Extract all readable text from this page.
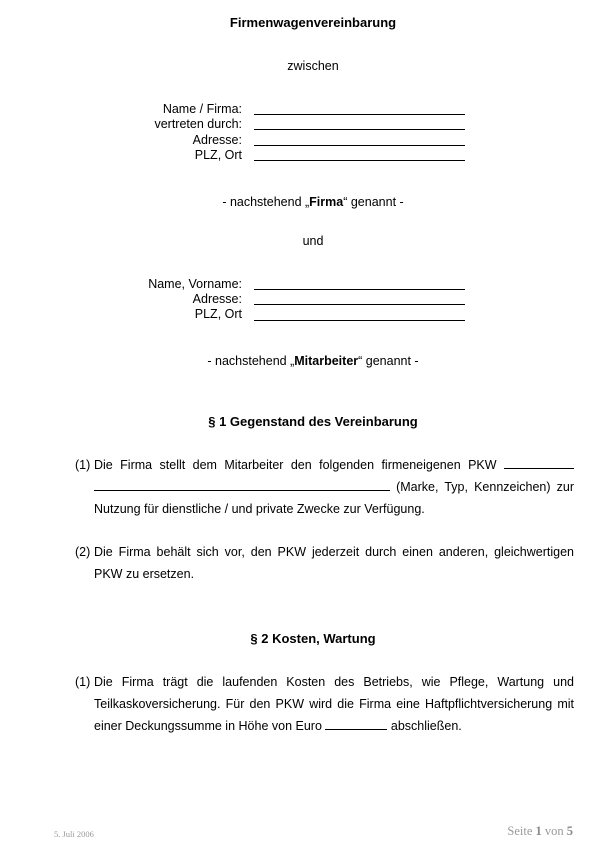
Firmenwagenvereinbarung
zwischen
Name / Firma:
vertreten durch:
Adresse:
PLZ, Ort
- nachstehend „Firma“ genannt -
und
Name, Vorname:
Adresse:
PLZ, Ort
- nachstehend „Mitarbeiter“ genannt -
§ 1 Gegenstand des Vereinbarung
(1) Die Firma stellt dem Mitarbeiter den folgenden firmeneigenen PKW   (Marke, Typ, Kennzeichen) zur Nutzung für dienstliche / und private Zwecke zur Verfügung.
(2) Die Firma behält sich vor, den PKW jederzeit durch einen anderen, gleichwertigen PKW zu ersetzen.
§ 2 Kosten, Wartung
(1) Die Firma trägt die laufenden Kosten des Betriebs, wie Pflege, Wartung und Teilkaskoversicherung. Für den PKW wird die Firma eine Haftpflichtversicherung mit einer Deckungssumme in Höhe von Euro	abschließen.
5. Juli 2006	Seite 1 von 5
